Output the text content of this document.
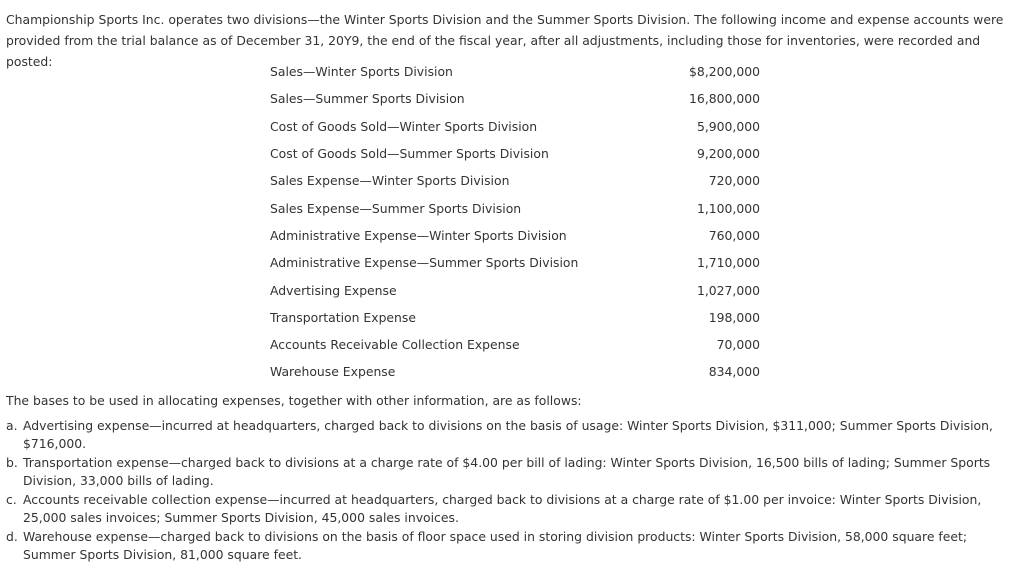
Championship Sports Inc. operates two divisions—the Winter Sports Division and the Summer Sports Division. The following income and expense accounts were provided from the trial balance as of December 31, 20Y9, the end of the fiscal year, after all adjustments, including those for inventories, were recorded and posted:

Sales—Winter Sports Division	$8,200,000
Sales—Summer Sports Division	16,800,000
Cost of Goods Sold—Winter Sports Division	5,900,000
Cost of Goods Sold—Summer Sports Division	9,200,000
Sales Expense—Winter Sports Division	720,000
Sales Expense—Summer Sports Division	1,100,000
Administrative Expense—Winter Sports Division	760,000
Administrative Expense—Summer Sports Division	1,710,000
Advertising Expense	1,027,000
Transportation Expense	198,000
Accounts Receivable Collection Expense	70,000
Warehouse Expense	834,000

The bases to be used in allocating expenses, together with other information, are as follows:

a. Advertising expense—incurred at headquarters, charged back to divisions on the basis of usage: Winter Sports Division, $311,000; Summer Sports Division, $716,000.
b. Transportation expense—charged back to divisions at a charge rate of $4.00 per bill of lading: Winter Sports Division, 16,500 bills of lading; Summer Sports Division, 33,000 bills of lading.
c. Accounts receivable collection expense—incurred at headquarters, charged back to divisions at a charge rate of $1.00 per invoice: Winter Sports Division, 25,000 sales invoices; Summer Sports Division, 45,000 sales invoices.
d. Warehouse expense—charged back to divisions on the basis of floor space used in storing division products: Winter Sports Division, 58,000 square feet; Summer Sports Division, 81,000 square feet.
